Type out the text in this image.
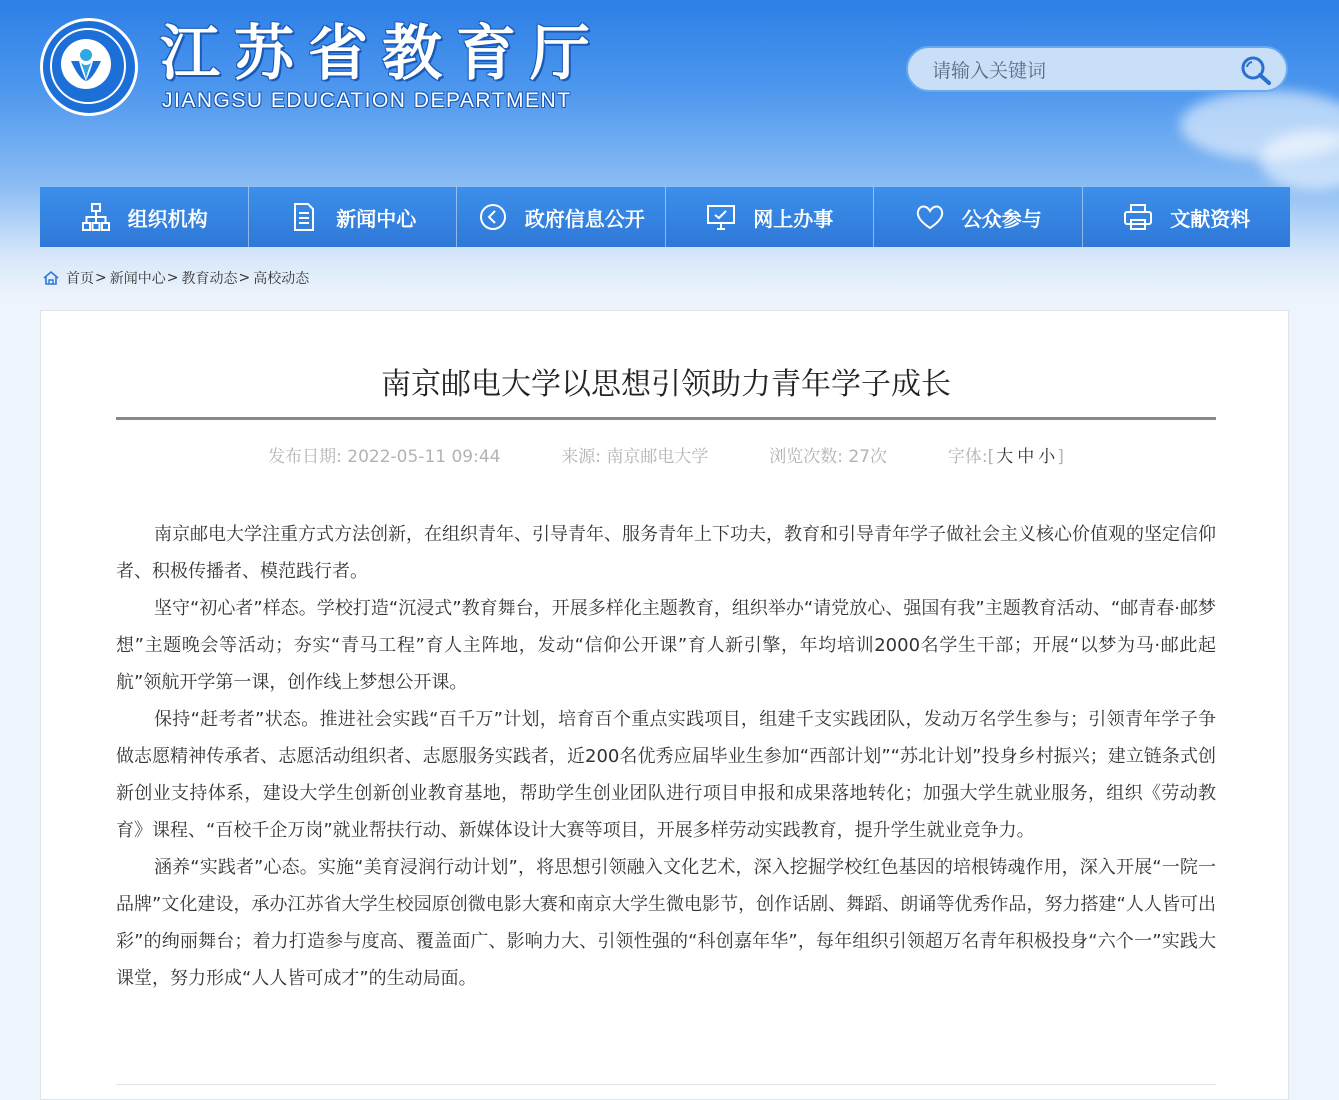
江苏省教育厅
JIANGSU EDUCATION DEPARTMENT
请输入关键词
组织机构	新闻中心	政府信息公开	网上办事	公众参与	文献资料
首页 > 新闻中心 > 教育动态 > 高校动态
南京邮电大学以思想引领助力青年学子成长
发布日期: 2022-05-11 09:44	来源: 南京邮电大学	浏览次数: 27次	字体:[ 大 中 小 ]

南京邮电大学注重方式方法创新，在组织青年、引导青年、服务青年上下功夫，教育和引导青年学子做社会主义核心价值观的坚定信仰者、积极传播者、模范践行者。

坚守“初心者”样态。学校打造“沉浸式”教育舞台，开展多样化主题教育，组织举办“请党放心、强国有我”主题教育活动、“邮青春·邮梦想”主题晚会等活动；夯实“青马工程”育人主阵地，发动“信仰公开课”育人新引擎，年均培训2000名学生干部；开展“以梦为马·邮此起航”领航开学第一课，创作线上梦想公开课。

保持“赶考者”状态。推进社会实践“百千万”计划，培育百个重点实践项目，组建千支实践团队，发动万名学生参与；引领青年学子争做志愿精神传承者、志愿活动组织者、志愿服务实践者，近200名优秀应届毕业生参加“西部计划”“苏北计划”投身乡村振兴；建立链条式创新创业支持体系，建设大学生创新创业教育基地，帮助学生创业团队进行项目申报和成果落地转化；加强大学生就业服务，组织《劳动教育》课程、“百校千企万岗”就业帮扶行动、新媒体设计大赛等项目，开展多样劳动实践教育，提升学生就业竞争力。

涵养“实践者”心态。实施“美育浸润行动计划”，将思想引领融入文化艺术，深入挖掘学校红色基因的培根铸魂作用，深入开展“一院一品牌”文化建设，承办江苏省大学生校园原创微电影大赛和南京大学生微电影节，创作话剧、舞蹈、朗诵等优秀作品，努力搭建“人人皆可出彩”的绚丽舞台；着力打造参与度高、覆盖面广、影响力大、引领性强的“科创嘉年华”，每年组织引领超万名青年积极投身“六个一”实践大课堂，努力形成“人人皆可成才”的生动局面。
